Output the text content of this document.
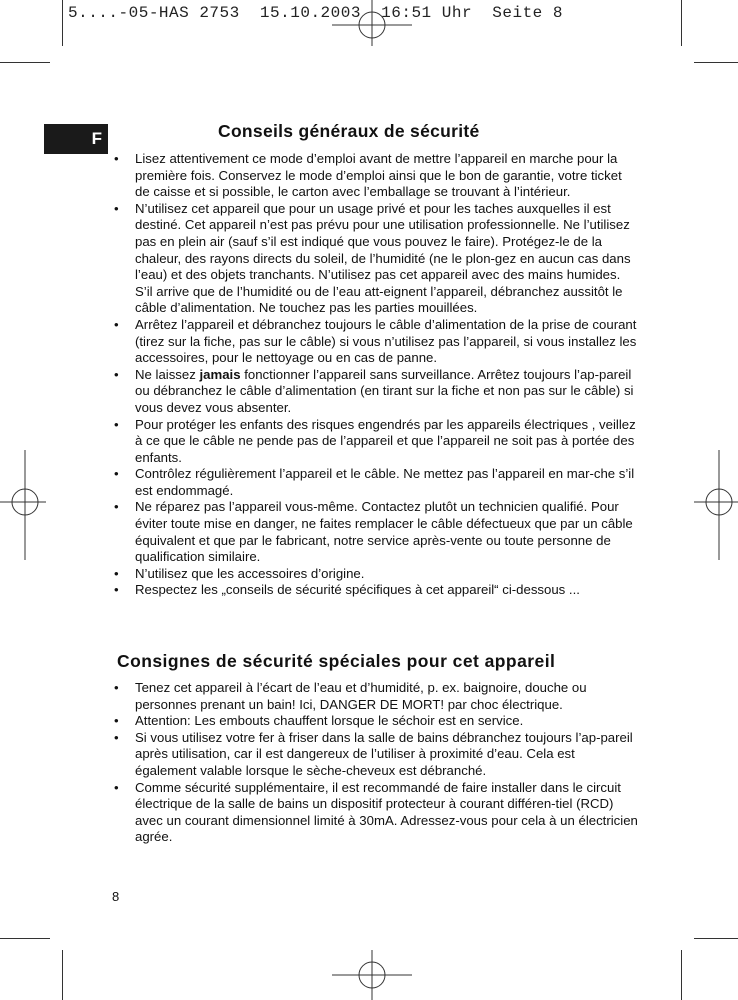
5....-05-HAS 2753  15.10.2003  16:51 Uhr  Seite 8
F	Conseils généraux de sécurité
• Lisez attentivement ce mode d’emploi avant de mettre l’appareil en marche pour la première fois. Conservez le mode d’emploi ainsi que le bon de garantie, votre ticket de caisse et si possible, le carton avec l’emballage se trouvant à l’intérieur.
• N’utilisez cet appareil que pour un usage privé et pour les taches auxquelles il est destiné. Cet appareil n’est pas prévu pour une utilisation professionnelle. Ne l’utilisez pas en plein air (sauf s’il est indiqué que vous pouvez le faire). Protégez-le de la chaleur, des rayons directs du soleil, de l’humidité (ne le plon-gez en aucun cas dans l’eau) et des objets tranchants. N’utilisez pas cet appareil avec des mains humides. S’il arrive que de l’humidité ou de l’eau att-eignent l’appareil, débranchez aussitôt le câble d’alimentation. Ne touchez pas les parties mouillées.
• Arrêtez l’appareil et débranchez toujours le câble d’alimentation de la prise de courant (tirez sur la fiche, pas sur le câble) si vous n’utilisez pas l’appareil, si vous installez les accessoires, pour le nettoyage ou en cas de panne.
• Ne laissez jamais fonctionner l’appareil sans surveillance. Arrêtez toujours l’ap-pareil ou débranchez le câble d’alimentation (en tirant sur la fiche et non pas sur le câble) si vous devez vous absenter.
• Pour protéger les enfants des risques engendrés par les appareils électriques , veillez à ce que le câble ne pende pas de l’appareil et que l’appareil ne soit pas à portée des enfants.
• Contrôlez régulièrement l’appareil et le câble. Ne mettez pas l’appareil en mar-che s’il est endommagé.
• Ne réparez pas l’appareil vous-même. Contactez plutôt un technicien qualifié. Pour éviter toute mise en danger, ne faites remplacer le câble défectueux que par un câble équivalent et que par le fabricant, notre service après-vente ou toute personne de qualification similaire.
• N’utilisez que les accessoires d’origine.
• Respectez les „conseils de sécurité spécifiques à cet appareil“ ci-dessous ...
Consignes de sécurité spéciales pour cet appareil
• Tenez cet appareil à l’écart de l’eau et d’humidité, p. ex. baignoire, douche ou personnes prenant un bain! Ici, DANGER DE MORT! par choc électrique.
• Attention: Les embouts chauffent lorsque le séchoir est en service.
• Si vous utilisez votre fer à friser dans la salle de bains débranchez toujours l’ap-pareil après utilisation, car il est dangereux de l’utiliser à proximité d’eau. Cela est également valable lorsque le sèche-cheveux est débranché.
• Comme sécurité supplémentaire, il est recommandé de faire installer dans le circuit électrique de la salle de bains un dispositif protecteur à courant différen-tiel (RCD) avec un courant dimensionnel limité à 30mA. Adressez-vous pour cela à un électricien agrée.
8
